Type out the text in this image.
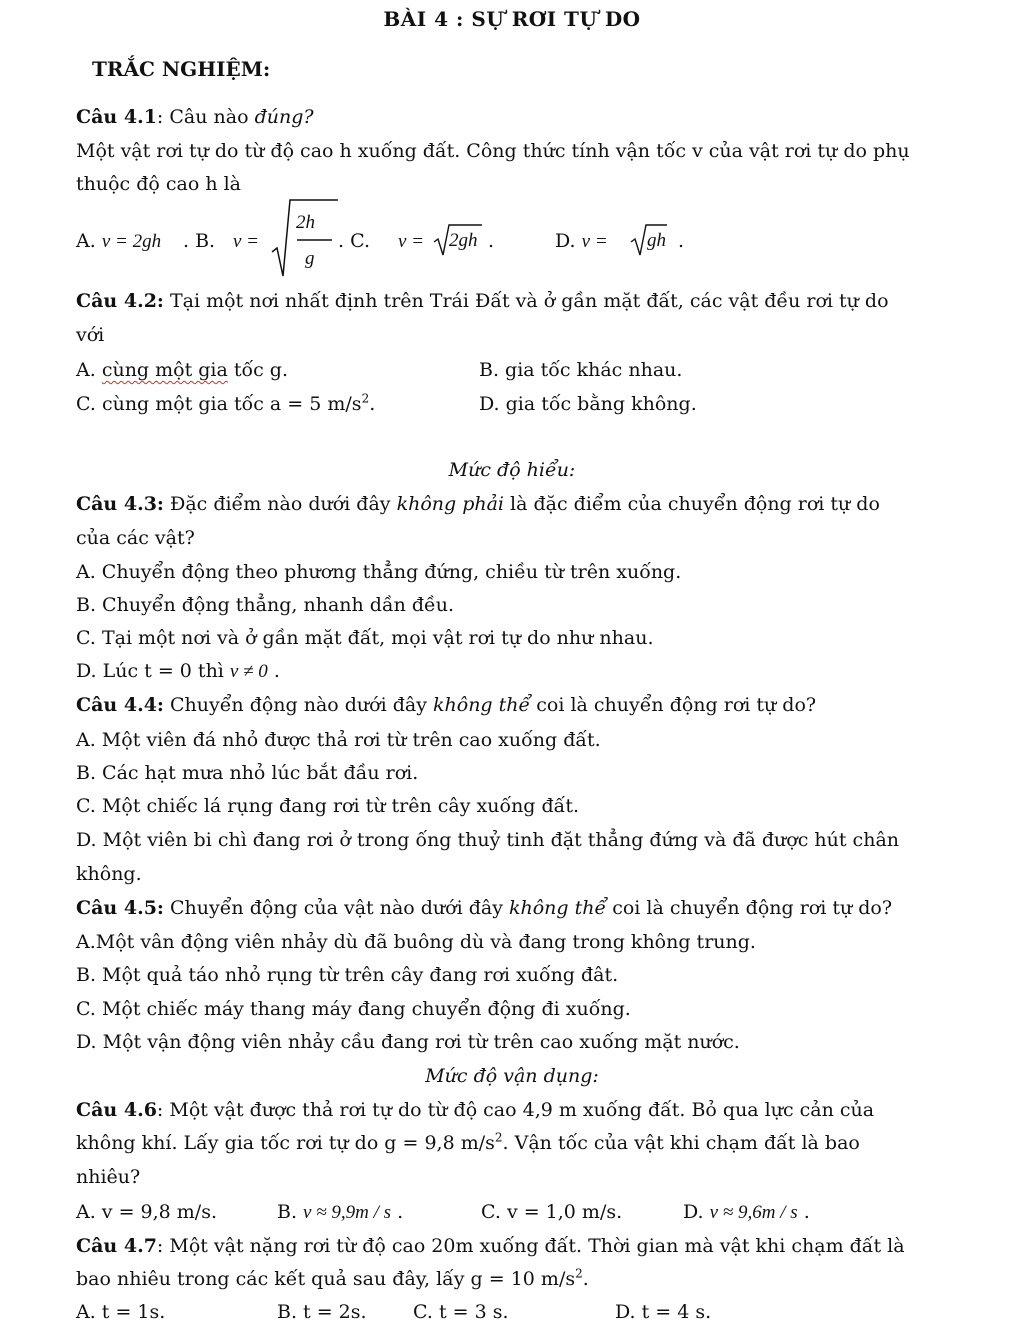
BÀI 4 : SỰ RƠI TỰ DO
TRẮC NGHIỆM:
Câu 4.1: Câu nào đúng?
Một vật rơi tự do từ độ cao h xuống đất. Công thức tính vận tốc v của vật rơi tự do phụ
thuộc độ cao h là
A. v = 2gh . B. v =
2h
g
. C. v = 2gh .	D. v = gh .
Câu 4.2: Tại một nơi nhất định trên Trái Đất và ở gần mặt đất, các vật đều rơi tự do
với
A. cùng một gia tốc g.	B. gia tốc khác nhau.
C. cùng một gia tốc a = 5 $m/s^2$.	D. gia tốc bằng không.
Mức độ hiểu:
Câu 4.3: Đặc điểm nào dưới đây không phải là đặc điểm của chuyển động rơi tự do
của các vật?
A. Chuyển động theo phương thẳng đứng, chiều từ trên xuống.
B. Chuyển động thẳng, nhanh dần đều.
C. Tại một nơi và ở gần mặt đất, mọi vật rơi tự do như nhau.
D. Lúc t = 0 thì v ≠ 0 .
Câu 4.4: Chuyển động nào dưới đây không thể coi là chuyển động rơi tự do?
A. Một viên đá nhỏ được thả rơi từ trên cao xuống đất.
B. Các hạt mưa nhỏ lúc bắt đầu rơi.
C. Một chiếc lá rụng đang rơi từ trên cây xuống đất.
D. Một viên bi chì đang rơi ở trong ống thuỷ tinh đặt thẳng đứng và đã được hút chân
không.
Câu 4.5: Chuyển động của vật nào dưới đây không thể coi là chuyển động rơi tự do?
A.Một vân động viên nhảy dù đã buông dù và đang trong không trung.
B. Một quả táo nhỏ rụng từ trên cây đang rơi xuống đât.
C. Một chiếc máy thang máy đang chuyển động đi xuống.
D. Một vận động viên nhảy cầu đang rơi từ trên cao xuống mặt nước.
Mức độ vận dụng:
Câu 4.6: Một vật được thả rơi tự do từ độ cao 4,9 m xuống đất. Bỏ qua lực cản của
không khí. Lấy gia tốc rơi tự do g = 9,8 $m/s^2$. Vận tốc của vật khi chạm đất là bao
nhiêu?
A. v = 9,8 m/s.	B. v ≈ 9,9m / s .	C. v = 1,0 m/s.	D. v ≈ 9,6m / s .
Câu 4.7: Một vật nặng rơi từ độ cao 20m xuống đất. Thời gian mà vật khi chạm đất là
bao nhiêu trong các kết quả sau đây, lấy g = 10 $m/s^2$.
A. t = 1s.	B. t = 2s. C. t = 3 s.	D. t = 4 s.
